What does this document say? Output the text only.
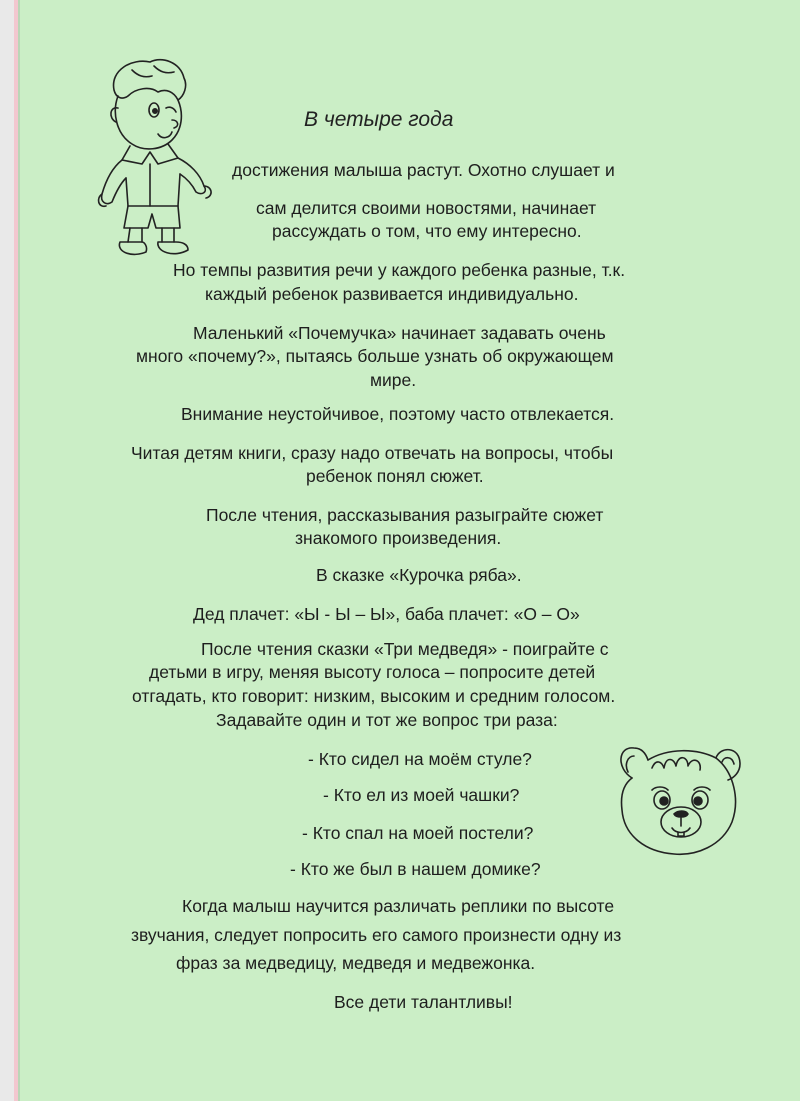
В четыре года
достижения малыша растут. Охотно слушает и
сам делится своими новостями, начинает
рассуждать о том, что ему интересно.
Но темпы развития речи у каждого ребенка разные, т.к.
каждый ребенок развивается индивидуально.
Маленький «Почемучка» начинает задавать очень
много «почему?», пытаясь больше узнать об окружающем
мире.
Внимание неустойчивое, поэтому часто отвлекается.
Читая детям книги, сразу надо отвечать на вопросы, чтобы
ребенок понял сюжет.
После чтения, рассказывания разыграйте сюжет
знакомого произведения.
В сказке «Курочка ряба».
Дед плачет: «Ы - Ы – Ы», баба плачет: «О – О»
После чтения сказки «Три медведя» - поиграйте с
детьми в игру, меняя высоту голоса – попросите детей
отгадать, кто говорит: низким, высоким и средним голосом.
Задавайте один и тот же вопрос три раза:
- Кто сидел на моём стуле?
- Кто ел из моей чашки?
- Кто спал на моей постели?
- Кто же был в нашем домике?
Когда малыш научится различать реплики по высоте
звучания, следует попросить его самого произнести одну из
фраз за медведицу, медведя и медвежонка.
Все дети талантливы!
